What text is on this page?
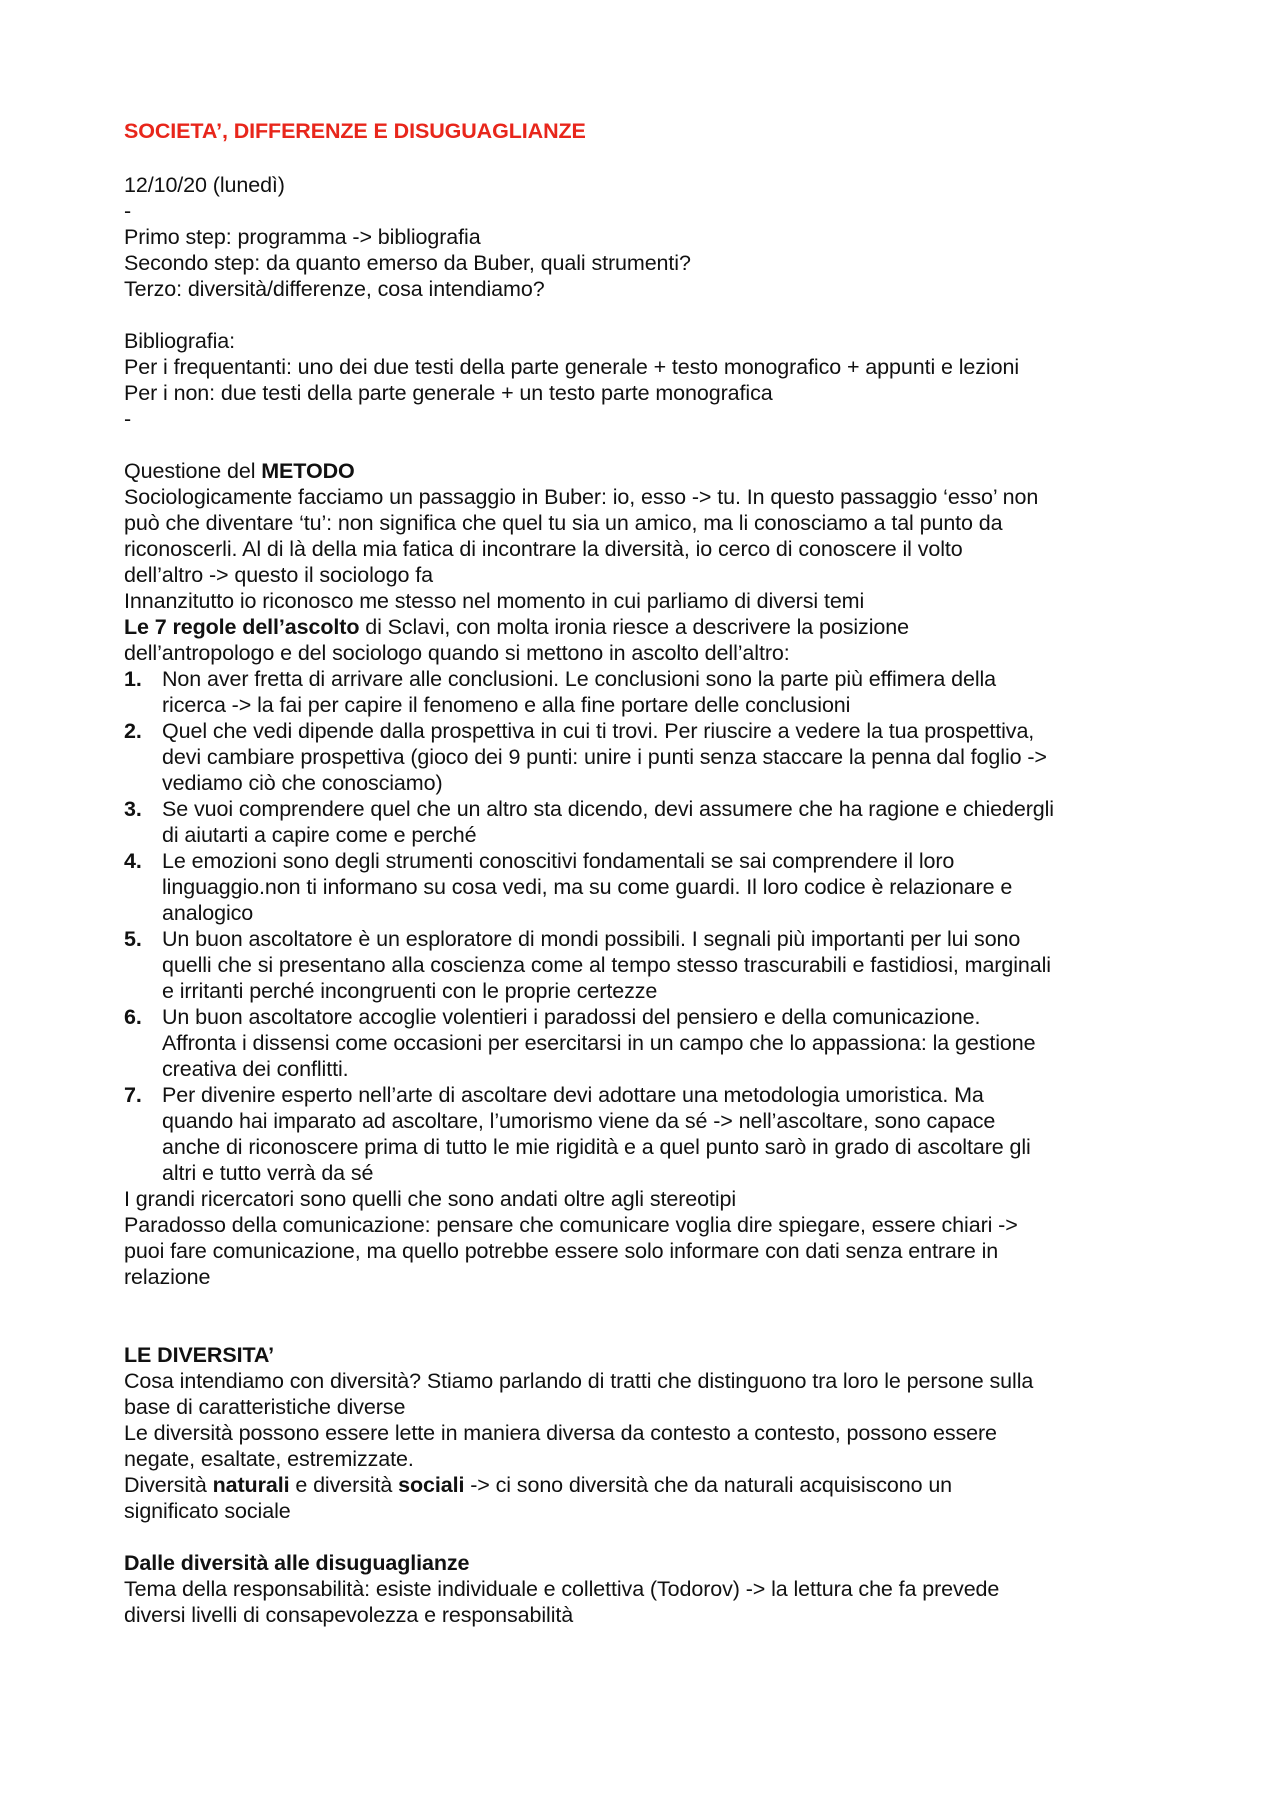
SOCIETA’, DIFFERENZE E DISUGUAGLIANZE
12/10/20 (lunedì)
-
Primo step: programma -> bibliografia
Secondo step: da quanto emerso da Buber, quali strumenti?
Terzo: diversità/differenze, cosa intendiamo?
Bibliografia:
Per i frequentanti: uno dei due testi della parte generale + testo monografico + appunti e lezioni
Per i non: due testi della parte generale + un testo parte monografica
-
Questione del METODO
Sociologicamente facciamo un passaggio in Buber: io, esso -> tu. In questo passaggio ‘esso’ non
può che diventare ‘tu’: non significa che quel tu sia un amico, ma li conosciamo a tal punto da
riconoscerli. Al di là della mia fatica di incontrare la diversità, io cerco di conoscere il volto
dell’altro -> questo il sociologo fa
Innanzitutto io riconosco me stesso nel momento in cui parliamo di diversi temi
Le 7 regole dell’ascolto di Sclavi, con molta ironia riesce a descrivere la posizione
dell’antropologo e del sociologo quando si mettono in ascolto dell’altro:
1. Non aver fretta di arrivare alle conclusioni. Le conclusioni sono la parte più effimera della
ricerca -> la fai per capire il fenomeno e alla fine portare delle conclusioni
2. Quel che vedi dipende dalla prospettiva in cui ti trovi. Per riuscire a vedere la tua prospettiva,
devi cambiare prospettiva (gioco dei 9 punti: unire i punti senza staccare la penna dal foglio ->
vediamo ciò che conosciamo)
3. Se vuoi comprendere quel che un altro sta dicendo, devi assumere che ha ragione e chiedergli
di aiutarti a capire come e perché
4. Le emozioni sono degli strumenti conoscitivi fondamentali se sai comprendere il loro
linguaggio.non ti informano su cosa vedi, ma su come guardi. Il loro codice è relazionare e
analogico
5. Un buon ascoltatore è un esploratore di mondi possibili. I segnali più importanti per lui sono
quelli che si presentano alla coscienza come al tempo stesso trascurabili e fastidiosi, marginali
e irritanti perché incongruenti con le proprie certezze
6. Un buon ascoltatore accoglie volentieri i paradossi del pensiero e della comunicazione.
Affronta i dissensi come occasioni per esercitarsi in un campo che lo appassiona: la gestione
creativa dei conflitti.
7. Per divenire esperto nell’arte di ascoltare devi adottare una metodologia umoristica. Ma
quando hai imparato ad ascoltare, l’umorismo viene da sé -> nell’ascoltare, sono capace
anche di riconoscere prima di tutto le mie rigidità e a quel punto sarò in grado di ascoltare gli
altri e tutto verrà da sé
I grandi ricercatori sono quelli che sono andati oltre agli stereotipi
Paradosso della comunicazione: pensare che comunicare voglia dire spiegare, essere chiari ->
puoi fare comunicazione, ma quello potrebbe essere solo informare con dati senza entrare in
relazione
LE DIVERSITA’
Cosa intendiamo con diversità? Stiamo parlando di tratti che distinguono tra loro le persone sulla
base di caratteristiche diverse
Le diversità possono essere lette in maniera diversa da contesto a contesto, possono essere
negate, esaltate, estremizzate.
Diversità naturali e diversità sociali -> ci sono diversità che da naturali acquisiscono un
significato sociale
Dalle diversità alle disuguaglianze
Tema della responsabilità: esiste individuale e collettiva (Todorov) -> la lettura che fa prevede
diversi livelli di consapevolezza e responsabilità
